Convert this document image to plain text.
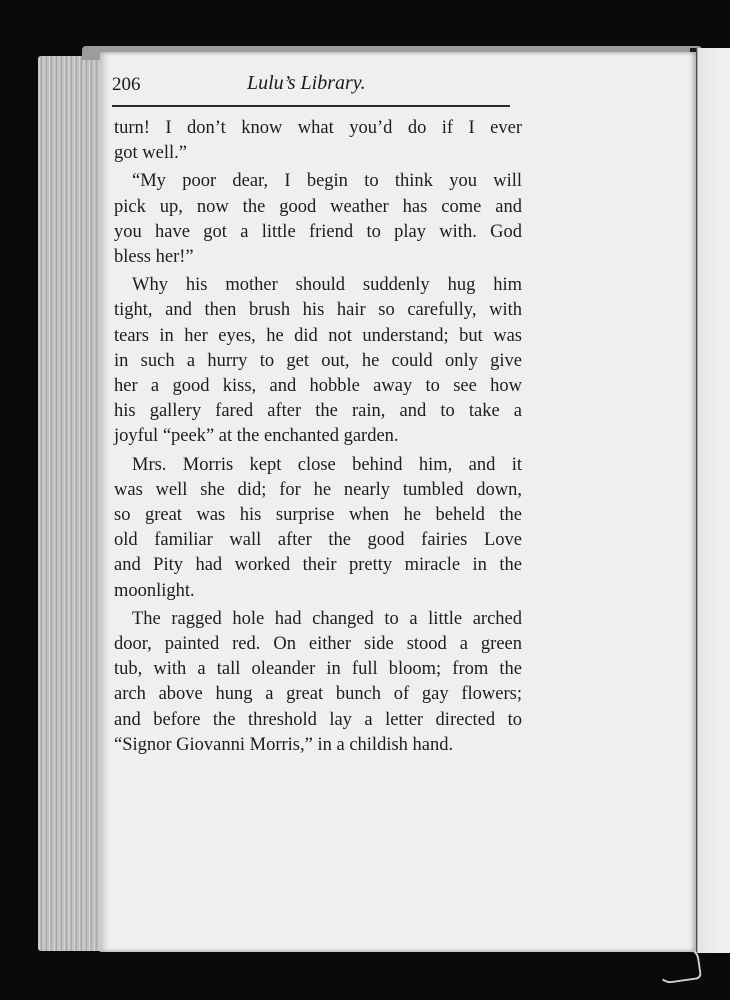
206	Lulu’s Library.
turn! I don’t know what you’d do if I ever
got well.”
“My poor dear, I begin to think you will
pick up, now the good weather has come and
you have got a little friend to play with. God
bless her!”
Why his mother should suddenly hug him
tight, and then brush his hair so carefully, with
tears in her eyes, he did not understand; but was
in such a hurry to get out, he could only give
her a good kiss, and hobble away to see how
his gallery fared after the rain, and to take a
joyful “peek” at the enchanted garden.
Mrs. Morris kept close behind him, and it
was well she did; for he nearly tumbled down,
so great was his surprise when he beheld the
old familiar wall after the good fairies Love
and Pity had worked their pretty miracle in the
moonlight.
The ragged hole had changed to a little arched
door, painted red. On either side stood a green
tub, with a tall oleander in full bloom; from the
arch above hung a great bunch of gay flowers;
and before the threshold lay a letter directed to
“Signor Giovanni Morris,” in a childish hand.
